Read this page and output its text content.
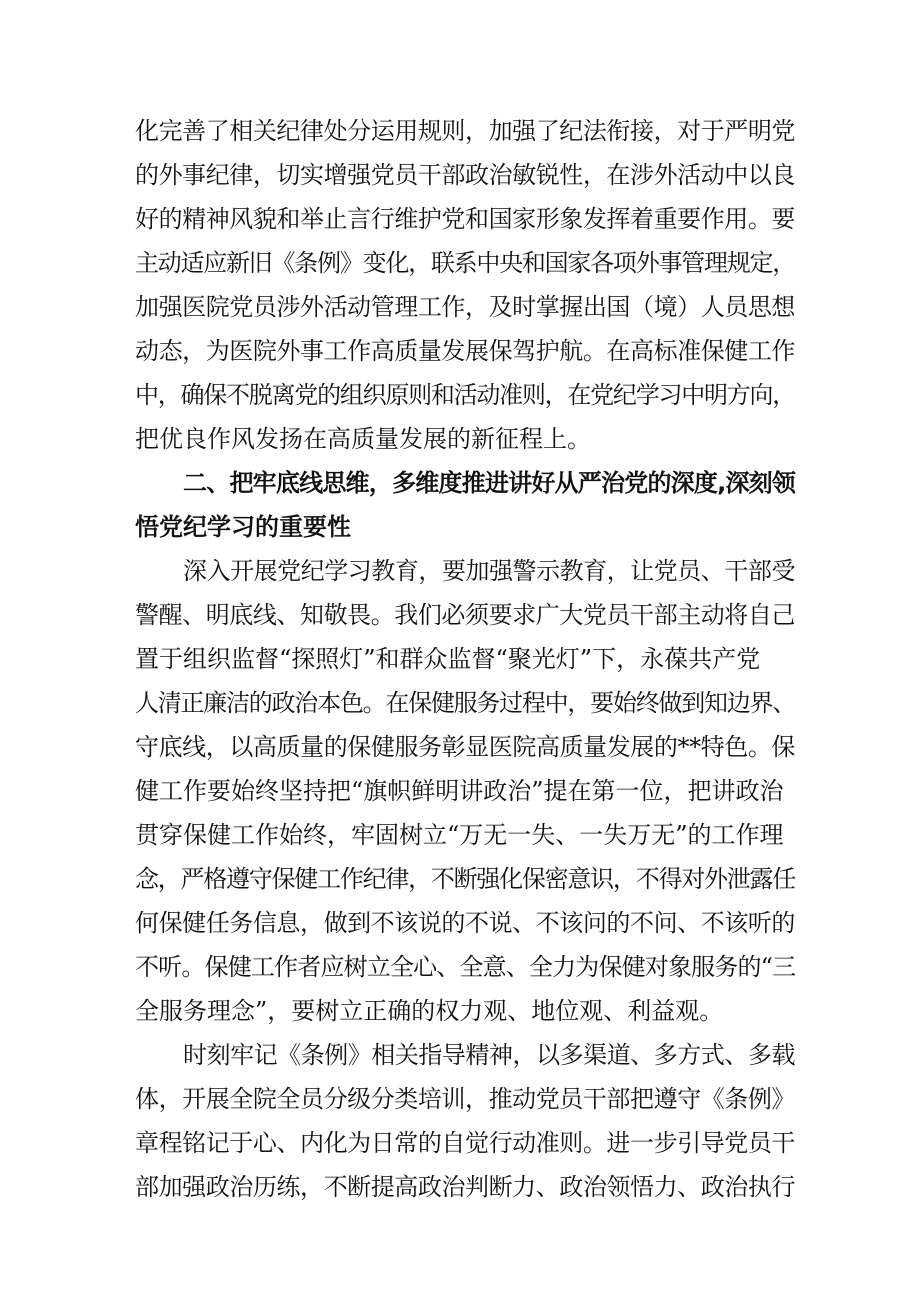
化完善了相关纪律处分运用规则，加强了纪法衔接，对于严明党
的外事纪律，切实增强党员干部政治敏锐性，在涉外活动中以良
好的精神风貌和举止言行维护党和国家形象发挥着重要作用。要
主动适应新旧《条例》变化，联系中央和国家各项外事管理规定，
加强医院党员涉外活动管理工作，及时掌握出国（境）人员思想
动态，为医院外事工作高质量发展保驾护航。在高标准保健工作
中，确保不脱离党的组织原则和活动准则，在党纪学习中明方向，
把优良作风发扬在高质量发展的新征程上。
二、把牢底线思维，多维度推进讲好从严治党的深度,深刻领
悟党纪学习的重要性
深入开展党纪学习教育，要加强警示教育，让党员、干部受
警醒、明底线、知敬畏。我们必须要求广大党员干部主动将自己
置于组织监督“探照灯”和群众监督“聚光灯”下，永葆共产党
人清正廉洁的政治本色。在保健服务过程中，要始终做到知边界、
守底线，以高质量的保健服务彰显医院高质量发展的**特色。保
健工作要始终坚持把“旗帜鲜明讲政治”提在第一位，把讲政治
贯穿保健工作始终，牢固树立“万无一失、一失万无”的工作理
念，严格遵守保健工作纪律，不断强化保密意识，不得对外泄露任
何保健任务信息，做到不该说的不说、不该问的不问、不该听的
不听。保健工作者应树立全心、全意、全力为保健对象服务的“三
全服务理念”，要树立正确的权力观、地位观、利益观。
时刻牢记《条例》相关指导精神，以多渠道、多方式、多载
体，开展全院全员分级分类培训，推动党员干部把遵守《条例》
章程铭记于心、内化为日常的自觉行动准则。进一步引导党员干
部加强政治历练，不断提高政治判断力、政治领悟力、政治执行
